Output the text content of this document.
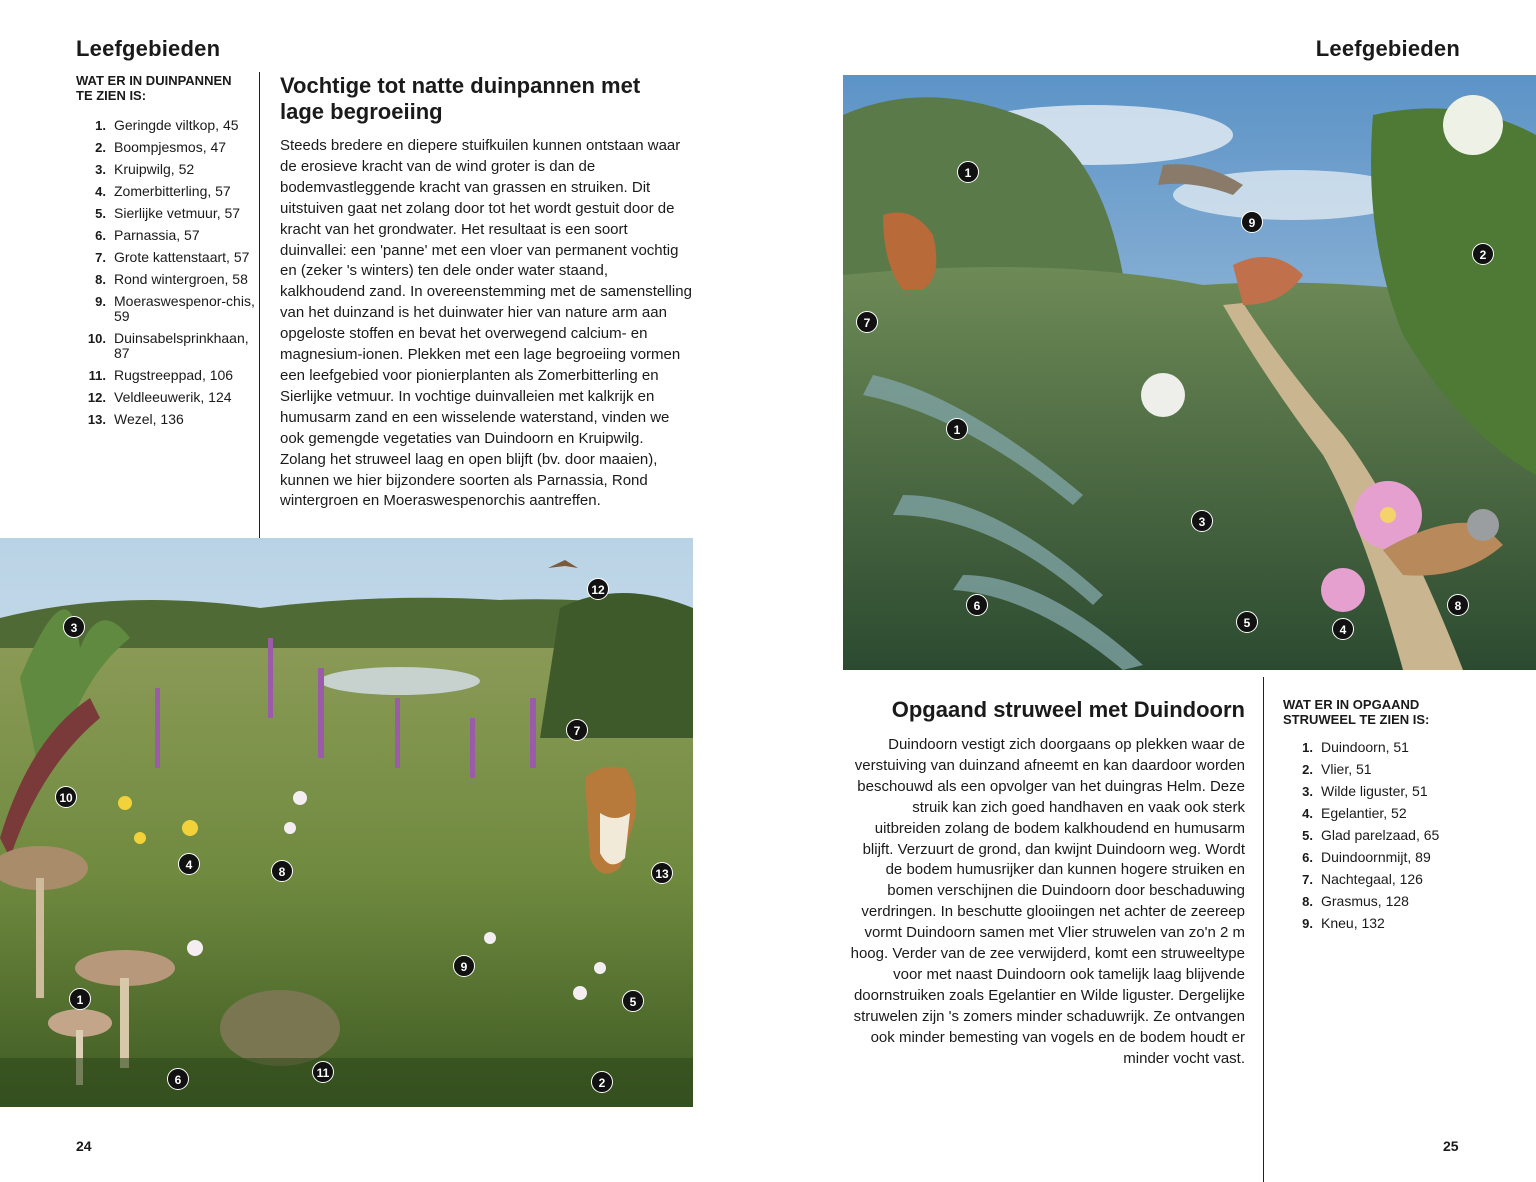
Leefgebieden
WAT ER IN DUINPANNEN TE ZIEN IS:
1. Geringde viltkop, 45
2. Boompjesmos, 47
3. Kruipwilg, 52
4. Zomerbitterling, 57
5. Sierlijke vetmuur, 57
6. Parnassia, 57
7. Grote kattenstaart, 57
8. Rond wintergroen, 58
9. Moeraswespenor-chis, 59
10. Duinsabelsprinkhaan, 87
11. Rugstreeppad, 106
12. Veldleeuwerik, 124
13. Wezel, 136
Vochtige tot natte duinpannen met lage begroeiing

Steeds bredere en diepere stuifkuilen kunnen ontstaan waar de erosieve kracht van de wind groter is dan de bodemvastleggende kracht van grassen en struiken. Dit uitstuiven gaat net zolang door tot het wordt gestuit door de kracht van het grondwater. Het resultaat is een soort duinvallei: een 'panne' met een vloer van permanent vochtig en (zeker 's winters) ten dele onder water staand, kalkhoudend zand. In overeenstemming met de samenstelling van het duinzand is het duinwater hier van nature arm aan opgeloste stoffen en bevat het overwegend calcium- en magnesium-ionen. Plekken met een lage begroeiing vormen een leefgebied voor pionierplanten als Zomerbitterling en Sierlijke vetmuur. In vochtige duinvalleien met kalkrijk en humusarm zand en een wisselende waterstand, vinden we ook gemengde vegetaties van Duindoorn en Kruipwilg. Zolang het struweel laag en open blijft (bv. door maaien), kunnen we hier bijzondere soorten als Parnassia, Rond wintergroen en Moeraswespenorchis aantreffen.

12
3
7
10
4	8	13
9
1	5
11
6	2
24
Leefgebieden
1
9
2
7
1
3
6	8
5	4
Opgaand struweel met Duindoorn

Duindoorn vestigt zich doorgaans op plekken waar de verstuiving van duinzand afneemt en kan daardoor worden beschouwd als een opvolger van het duingras Helm. Deze struik kan zich goed handhaven en vaak ook sterk uitbreiden zolang de bodem kalkhoudend en humusarm blijft. Verzuurt de grond, dan kwijnt Duindoorn weg. Wordt de bodem humusrijker dan kunnen hogere struiken en bomen verschijnen die Duindoorn door beschaduwing verdringen. In beschutte glooiingen net achter de zeereep vormt Duindoorn samen met Vlier struwelen van zo'n 2 m hoog. Verder van de zee verwijderd, komt een struweeltype voor met naast Duindoorn ook tamelijk laag blijvende doornstruiken zoals Egelantier en Wilde liguster. Dergelijke struwelen zijn 's zomers minder schaduwrijk. Ze ontvangen ook minder bemesting van vogels en de bodem houdt er minder vocht vast.

WAT ER IN OPGAAND STRUWEEL TE ZIEN IS:
1. Duindoorn, 51
2. Vlier, 51
3. Wilde liguster, 51
4. Egelantier, 52
5. Glad parelzaad, 65
6. Duindoornmijt, 89
7. Nachtegaal, 126
8. Grasmus, 128
9. Kneu, 132
25
